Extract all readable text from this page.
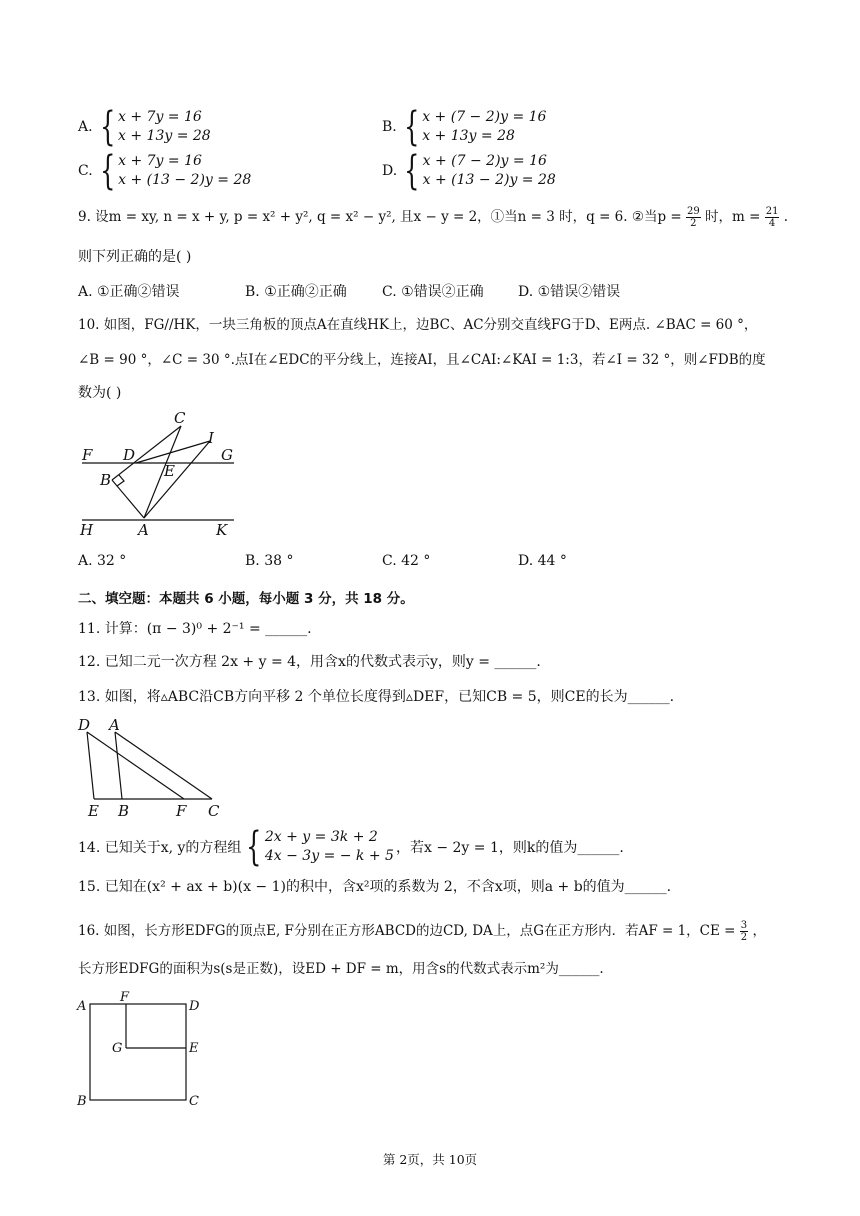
A. { x + 7y = 16
x + 13y = 28
B. { x + (7 − 2)y = 16
x + 13y = 28
C. { x + 7y = 16
x + (13 − 2)y = 28
D. { x + (7 − 2)y = 16
x + (13 − 2)y = 28
9. 设m = xy, n = x + y, p = x² + y², q = x² − y², 且x − y = 2，①当n = 3 时，q = 6. ②当$p = \frac{29}{2}$ 时，$m = \frac{21}{4}$ .
则下列正确的是( )
A. ①正确②错误	B. ①正确②正确	C. ①错误②正确 D. ①错误②错误
10. 如图，FG//HK，一块三角板的顶点A在直线HK上，边BC、AC分别交直线FG于D、E两点. ∠BAC = 60 °，
∠B = 90 °，∠C = 30 °.点I在∠EDC的平分线上，连接AI，且∠CAI:∠KAI = 1:3，若∠I = 32 °，则∠FDB的度
数为( )
C
I
F D	G
E
B
H	A	K
A. 32 °	B. 38 °	C. 42 °	D. 44 °
二、填空题：本题共 6 小题，每小题 3 分，共 18 分。
11. 计算：(π − 3)⁰ + 2⁻¹ = ______.
12. 已知二元一次方程 2x + y = 4，用含x的代数式表示y，则y = ______.
13. 如图，将▵ABC沿CB方向平移 2 个单位长度得到▵DEF，已知CB = 5，则CE的长为______.
D A
E B	F C
14. 已知关于x, y的方程组 { 2x + y = 3k + 2
4x − 3y = − k + 5 ，若x − 2y = 1，则k的值为______.
15. 已知在(x² + ax + b)(x − 1)的积中，含x²项的系数为 2，不含x项，则a + b的值为______.
16. 如图，长方形EDFG的顶点E, F分别在正方形ABCD的边CD, DA上，点G在正方形内．若AF = 1，CE = $\frac{3}{2}$ ，
长方形EDFG的面积为s(s是正数)，设ED + DF = m，用含s的代数式表示m²为______.
A
F
D
G	E
B	C
第 2页，共 10页
